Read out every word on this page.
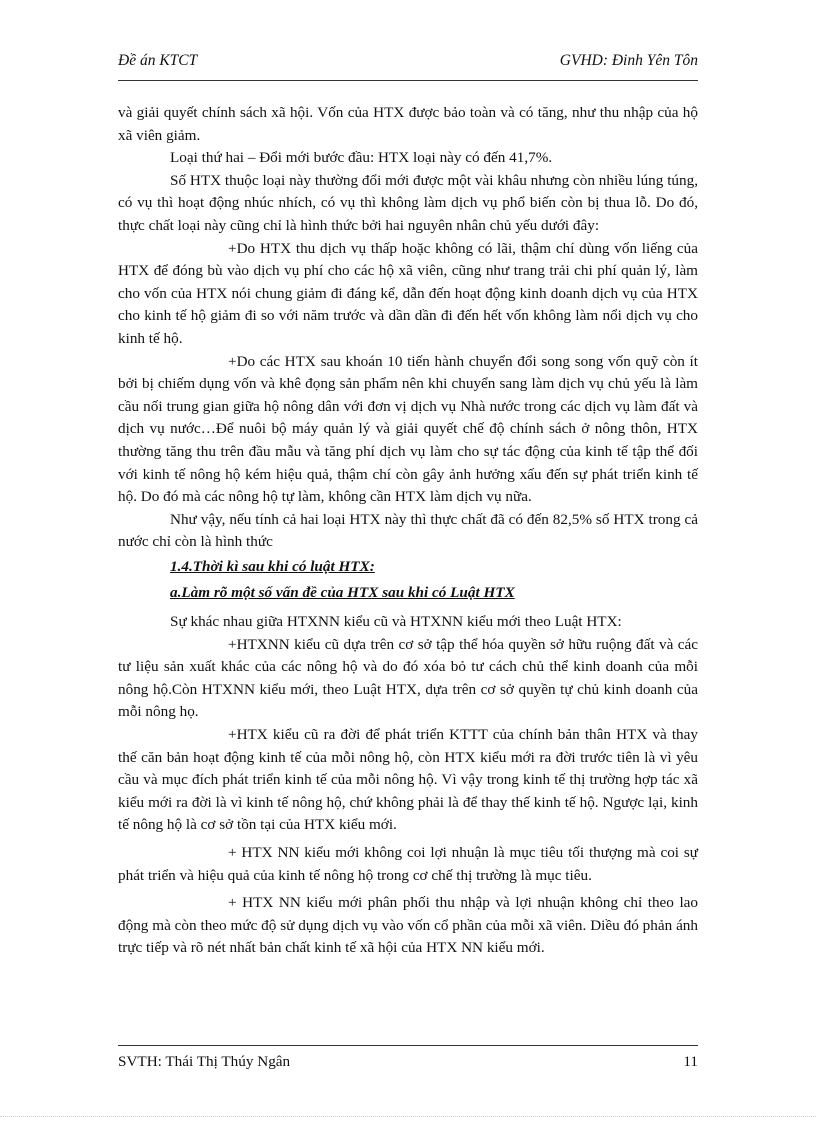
Đề án KTCT	GVHD: Đinh Yên Tôn

và giải quyết chính sách xã hội. Vốn của HTX được bảo toàn và có tăng, như thu nhập của hộ xã viên giảm.

Loại thứ hai – Đổi mới bước đầu: HTX loại này có đến 41,7%.

Số HTX thuộc loại này thường đổi mới được một vài khâu nhưng còn nhiều lúng túng, có vụ thì hoạt động nhúc nhích, có vụ thì không làm dịch vụ phổ biến còn bị thua lỗ. Do đó, thực chất loại này cũng chỉ là hình thức bởi hai nguyên nhân chủ yếu dưới đây:

+Do HTX thu dịch vụ thấp hoặc không có lãi, thậm chí dùng vốn liếng của HTX để đóng bù vào dịch vụ phí cho các hộ xã viên, cũng như trang trải chi phí quản lý, làm cho vốn của HTX nói chung giảm đi đáng kể, dẫn đến hoạt động kinh doanh dịch vụ của HTX cho kinh tế hộ giảm đi so với năm trước và dần dần đi đến hết vốn không làm nổi dịch vụ cho kinh tế hộ.

+Do các HTX sau khoán 10 tiến hành chuyển đổi song song vốn quỹ còn ít bởi bị chiếm dụng vốn và khê đọng sản phẩm nên khi chuyển sang làm dịch vụ chủ yếu là làm cầu nối trung gian giữa hộ nông dân với đơn vị dịch vụ Nhà nước trong các dịch vụ làm đất và dịch vụ nước…Để nuôi bộ máy quản lý và giải quyết chế độ chính sách ở nông thôn, HTX thường tăng thu trên đầu mẫu và tăng phí dịch vụ làm cho sự tác động của kinh tế tập thể đối với kinh tế nông hộ kém hiệu quả, thậm chí còn gây ảnh hưởng xấu đến sự phát triển kinh tế hộ. Do đó mà các nông hộ tự làm, không cần HTX làm dịch vụ nữa.

Như vậy, nếu tính cả hai loại HTX này thì thực chất đã có đến 82,5% số HTX trong cả nước chỉ còn là hình thức

1.4.Thời kì sau khi có luật HTX:

a.Làm rõ một số vấn đề của HTX sau khi có Luật HTX

Sự khác nhau giữa HTXNN kiểu cũ và HTXNN kiểu mới theo Luật HTX:

+HTXNN kiểu cũ dựa trên cơ sở tập thể hóa quyền sở hữu ruộng đất và các tư liệu sản xuất khác của các nông hộ và do đó xóa bỏ tư cách chủ thể kinh doanh của mỗi nông hộ.Còn HTXNN kiểu mới, theo Luật HTX, dựa trên cơ sở quyền tự chủ kinh doanh của mỗi nông họ.

+HTX kiểu cũ ra đời để phát triển KTTT của chính bản thân HTX và thay thế căn bản hoạt động kinh tế của mỗi nông hộ, còn HTX kiểu mới ra đời trước tiên là vì yêu cầu và mục đích phát triển kinh tế của mỗi nông hộ. Vì vậy trong kinh tế thị trường hợp tác xã kiểu mới ra đời là vì kinh tế nông hộ, chứ không phải là để thay thế kinh tế hộ. Ngược lại, kinh tế nông hộ là cơ sở tồn tại của HTX kiểu mới.

+ HTX NN kiểu mới không coi lợi nhuận là mục tiêu tối thượng mà coi sự phát triển và hiệu quả của kinh tế nông hộ trong cơ chế thị trường là mục tiêu.

+ HTX NN kiểu mới phân phối thu nhập và lợi nhuận không chỉ theo lao động mà còn theo mức độ sử dụng dịch vụ vào vốn cổ phần của mỗi xã viên. Diều đó phản ánh trực tiếp và rõ nét nhất bản chất kinh tế xã hội của HTX NN kiểu mới.

SVTH: Thái Thị Thúy Ngân	11
